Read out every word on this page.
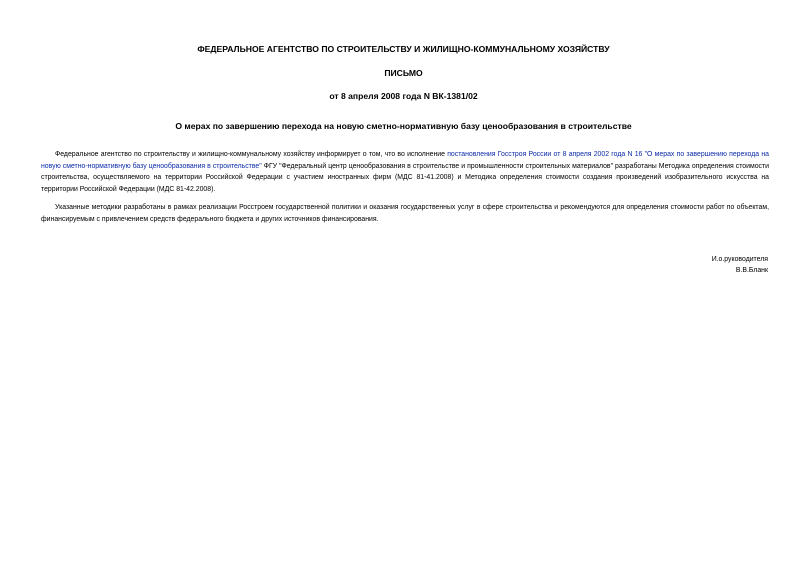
ФЕДЕРАЛЬНОЕ АГЕНТСТВО ПО СТРОИТЕЛЬСТВУ И ЖИЛИЩНО-КОММУНАЛЬНОМУ ХОЗЯЙСТВУ
ПИСЬМО
от 8 апреля 2008 года N ВК-1381/02
О мерах по завершению перехода на новую сметно-нормативную базу ценообразования в строительстве

Федеральное агентство по строительству и жилищно-коммунальному хозяйству информирует о том, что во исполнение постановления Госстроя России от 8 апреля 2002 года N 16 "О мерах по завершению перехода на новую сметно-нормативную базу ценообразования в строительстве" ФГУ "Федеральный центр ценообразования в строительстве и промышленности строительных материалов" разработаны Методика определения стоимости строительства, осуществляемого на территории Российской Федерации с участием иностранных фирм (МДС 81-41.2008) и Методика определения стоимости создания произведений изобразительного искусства на территории Российской Федерации (МДС 81-42.2008).

Указанные методики разработаны в рамках реализации Росстроем государственной политики и оказания государственных услуг в сфере строительства и рекомендуются для определения стоимости работ по объектам, финансируемым с привлечением средств федерального бюджета и других источников финансирования.

И.о.руководителя
В.В.Бланк
